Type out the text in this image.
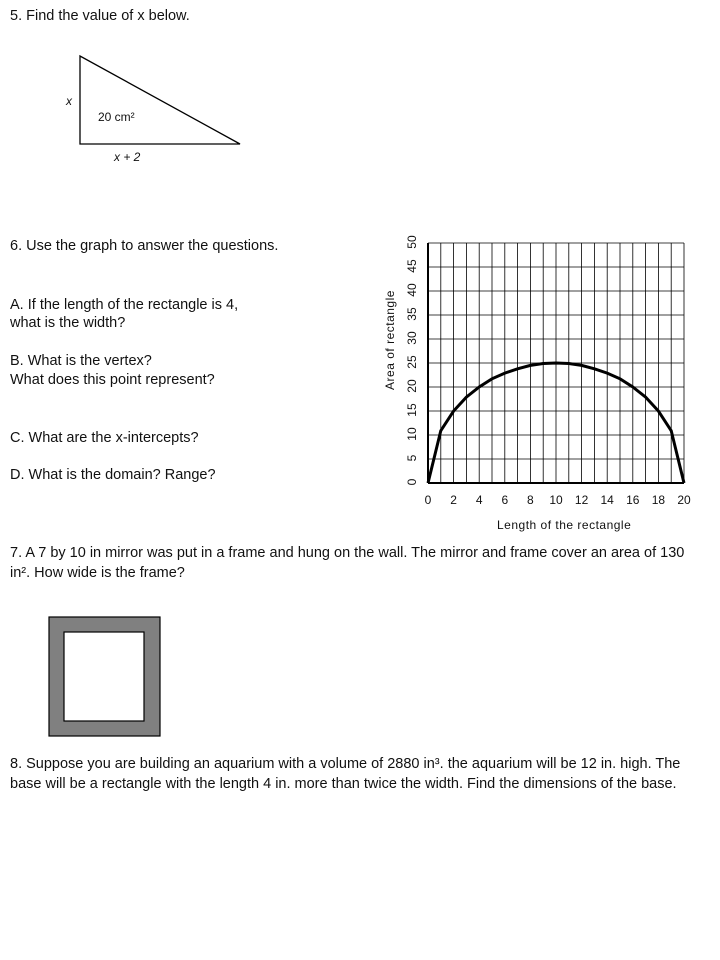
5. Find the value of x below.
x
20 cm²
x + 2
6. Use the graph to answer the questions.
A. If the length of the rectangle is 4,
what is the width?
B. What is the vertex?
What does this point represent?
C. What are the x-intercepts?
D. What is the domain? Range?	0
5
10
15
20
25
30
35
40
45
50
0	2	4	6	8	10	12	14	16	18	20
Area of rectangle
Length of the rectangle
7. A 7 by 10 in mirror was put in a frame and hung on the wall. The mirror and frame cover an area of 130 in². How wide is the frame?
8. Suppose you are building an aquarium with a volume of 2880 in³. the aquarium will be 12 in. high. The base will be a rectangle with the length 4 in. more than twice the width. Find the dimensions of the base.
